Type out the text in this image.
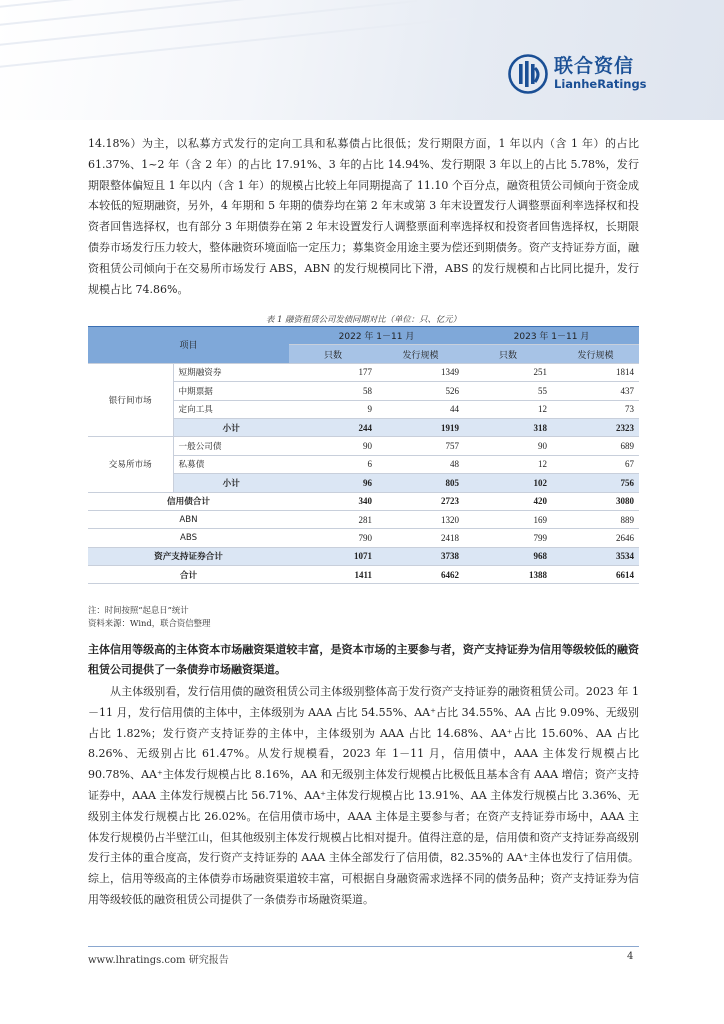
联合资信
LianheRatings

14.18%）为主，以私募方式发行的定向工具和私募债占比很低；发行期限方面，1 年以内（含 1 年）的占比 61.37%、1~2 年（含 2 年）的占比 17.91%、3 年的占比 14.94%、发行期限 3 年以上的占比 5.78%，发行期限整体偏短且 1 年以内（含 1 年）的规模占比较上年同期提高了 11.10 个百分点，融资租赁公司倾向于资金成本较低的短期融资，另外，4 年期和 5 年期的债券均在第 2 年末或第 3 年末设置发行人调整票面利率选择权和投资者回售选择权，也有部分 3 年期债券在第 2 年末设置发行人调整票面利率选择权和投资者回售选择权，长期限债券市场发行压力较大，整体融资环境面临一定压力；募集资金用途主要为偿还到期债务。资产支持证券方面，融资租赁公司倾向于在交易所市场发行 ABS，ABN 的发行规模同比下滑，ABS 的发行规模和占比同比提升，发行规模占比 74.86%。

表 1 融资租赁公司发债同期对比（单位：只、亿元）
项目		2022 年 1－11 月		2023 年 1－11 月	
		只数	发行规模	只数	发行规模
银行间市场	短期融资券	177	1349	251	1814
	中期票据	58	526	55	437
	定向工具	9	44	12	73
	小计	244	1919	318	2323
交易所市场	一般公司债	90	757	90	689
	私募债	6	48	12	67
	小计	96	805	102	756
信用债合计		340	2723	420	3080
ABN		281	1320	169	889
ABS		790	2418	799	2646
资产支持证券合计		1071	3738	968	3534
合计		1411	6462	1388	6614
注：时间按照“起息日”统计
资料来源：Wind，联合资信整理

主体信用等级高的主体资本市场融资渠道较丰富，是资本市场的主要参与者，资产支持证券为信用等级较低的融资租赁公司提供了一条债券市场融资渠道。

从主体级别看，发行信用债的融资租赁公司主体级别整体高于发行资产支持证券的融资租赁公司。2023 年 1－11 月，发行信用债的主体中，主体级别为 AAA 占比 54.55%、AA⁺占比 34.55%、AA 占比 9.09%、无级别占比 1.82%；发行资产支持证券的主体中，主体级别为 AAA 占比 14.68%、AA⁺占比 15.60%、AA 占比 8.26%、无级别占比 61.47%。从发行规模看，2023 年 1－11 月，信用债中，AAA 主体发行规模占比 90.78%、AA⁺主体发行规模占比 8.16%，AA 和无级别主体发行规模占比极低且基本含有 AAA 增信；资产支持证券中，AAA 主体发行规模占比 56.71%、AA⁺主体发行规模占比 13.91%、AA 主体发行规模占比 3.36%、无级别主体发行规模占比 26.02%。在信用债市场中，AAA 主体是主要参与者；在资产支持证券市场中，AAA 主体发行规模仍占半壁江山，但其他级别主体发行规模占比相对提升。值得注意的是，信用债和资产支持证券高级别发行主体的重合度高，发行资产支持证券的 AAA 主体全部发行了信用债，82.35%的 AA⁺主体也发行了信用债。综上，信用等级高的主体债券市场融资渠道较丰富，可根据自身融资需求选择不同的债务品种；资产支持证券为信用等级较低的融资租赁公司提供了一条债券市场融资渠道。

www.lhratings.com 研究报告	4
